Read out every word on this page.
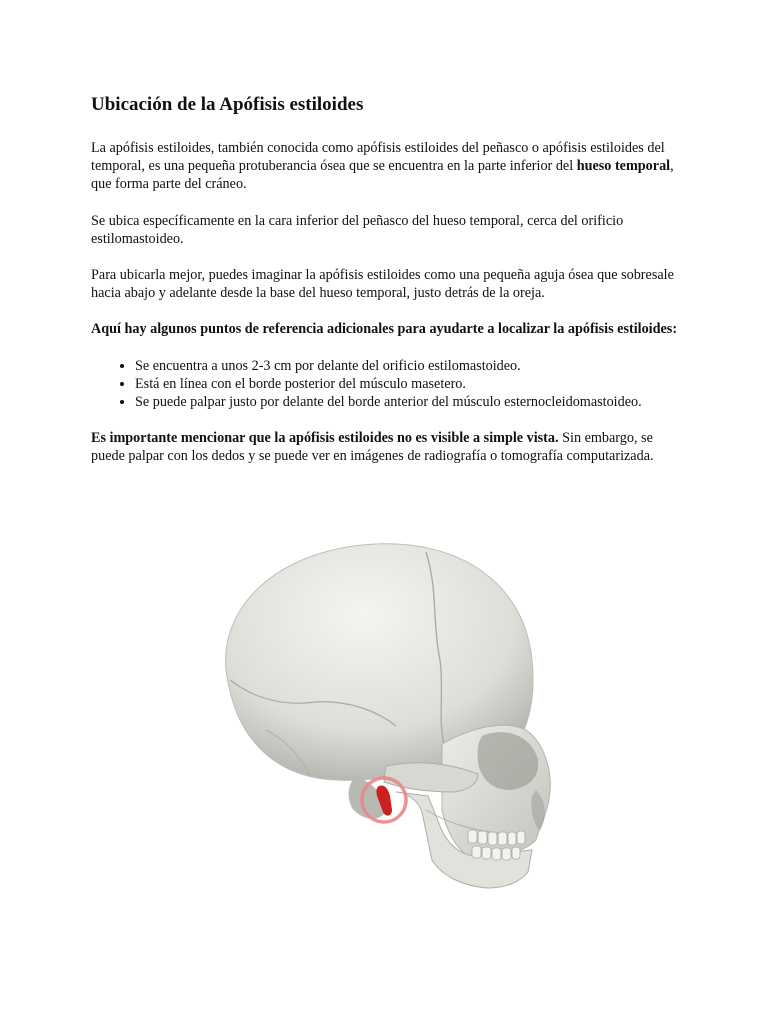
Ubicación de la Apófisis estiloides

La apófisis estiloides, también conocida como apófisis estiloides del peñasco o apófisis estiloides del temporal, es una pequeña protuberancia ósea que se encuentra en la parte inferior del hueso temporal, que forma parte del cráneo.

Se ubica específicamente en la cara inferior del peñasco del hueso temporal, cerca del orificio estilomastoideo.

Para ubicarla mejor, puedes imaginar la apófisis estiloides como una pequeña aguja ósea que sobresale hacia abajo y adelante desde la base del hueso temporal, justo detrás de la oreja.

Aquí hay algunos puntos de referencia adicionales para ayudarte a localizar la apófisis estiloides:

• Se encuentra a unos 2-3 cm por delante del orificio estilomastoideo.
• Está en línea con el borde posterior del músculo masetero.
• Se puede palpar justo por delante del borde anterior del músculo esternocleidomastoideo.

Es importante mencionar que la apófisis estiloides no es visible a simple vista. Sin embargo, se puede palpar con los dedos y se puede ver en imágenes de radiografía o tomografía computarizada.
